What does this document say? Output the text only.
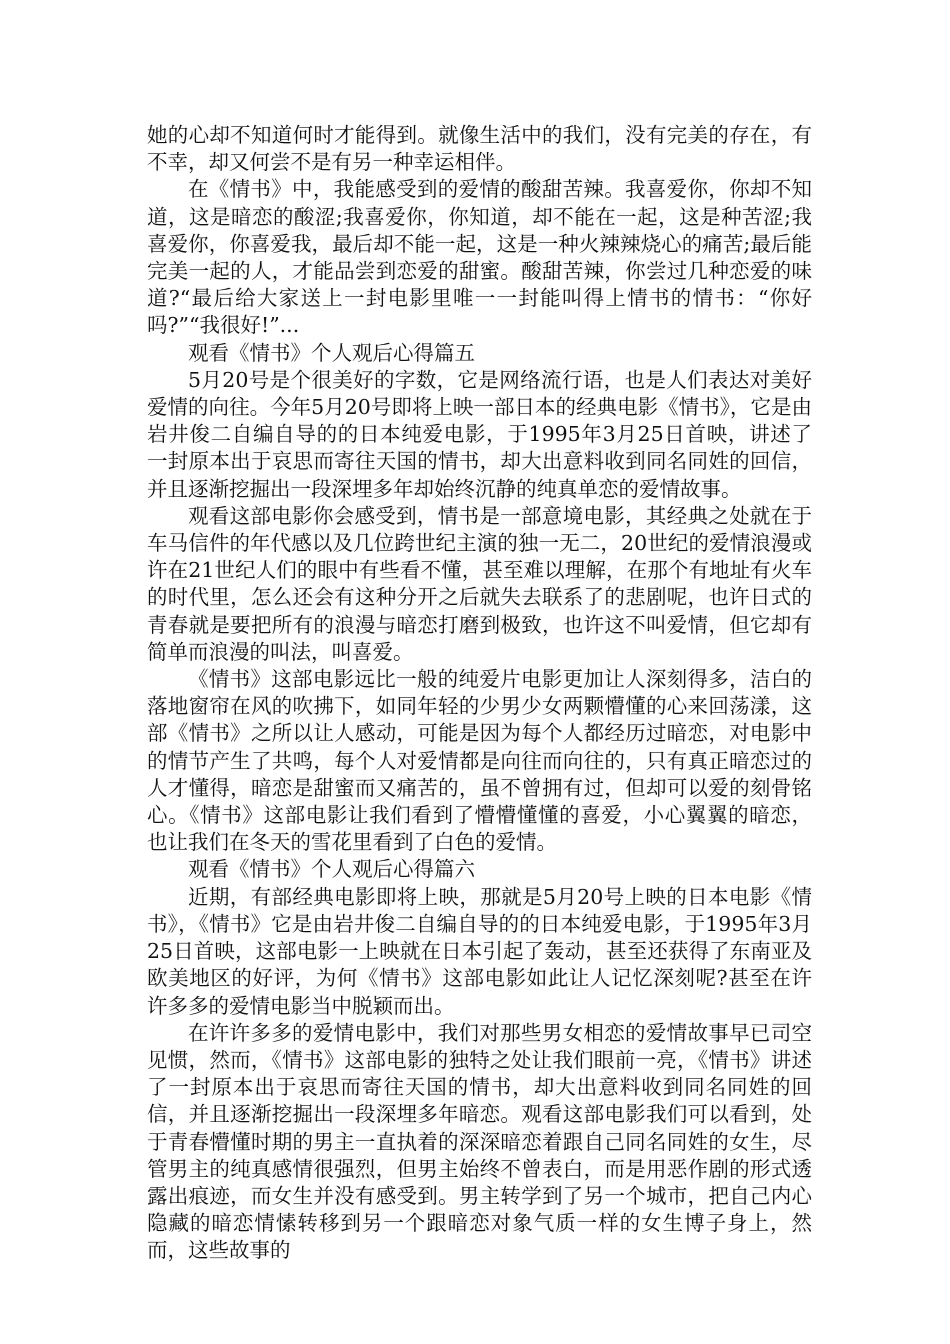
她的心却不知道何时才能得到。就像生活中的我们，没有完美的存在，有不幸，却又何尝不是有另一种幸运相伴。

在《情书》中，我能感受到的爱情的酸甜苦辣。我喜爱你，你却不知道，这是暗恋的酸涩;我喜爱你，你知道，却不能在一起，这是种苦涩;我喜爱你，你喜爱我，最后却不能一起，这是一种火辣辣烧心的痛苦;最后能完美一起的人，才能品尝到恋爱的甜蜜。酸甜苦辣，你尝过几种恋爱的味道?“最后给大家送上一封电影里唯一一封能叫得上情书的情书：“你好吗?”“我很好!”...

观看《情书》个人观后心得篇五

5月20号是个很美好的字数，它是网络流行语，也是人们表达对美好爱情的向往。今年5月20号即将上映一部日本的经典电影《情书》，它是由岩井俊二自编自导的的日本纯爱电影，于1995年3月25日首映，讲述了一封原本出于哀思而寄往天国的情书，却大出意料收到同名同姓的回信，并且逐渐挖掘出一段深埋多年却始终沉静的纯真单恋的爱情故事。

观看这部电影你会感受到，情书是一部意境电影，其经典之处就在于车马信件的年代感以及几位跨世纪主演的独一无二，20世纪的爱情浪漫或许在21世纪人们的眼中有些看不懂，甚至难以理解，在那个有地址有火车的时代里，怎么还会有这种分开之后就失去联系了的悲剧呢，也许日式的青春就是要把所有的浪漫与暗恋打磨到极致，也许这不叫爱情，但它却有简单而浪漫的叫法，叫喜爱。

《情书》这部电影远比一般的纯爱片电影更加让人深刻得多，洁白的落地窗帘在风的吹拂下，如同年轻的少男少女两颗懵懂的心来回荡漾，这部《情书》之所以让人感动，可能是因为每个人都经历过暗恋，对电影中的情节产生了共鸣，每个人对爱情都是向往而向往的，只有真正暗恋过的人才懂得，暗恋是甜蜜而又痛苦的，虽不曾拥有过，但却可以爱的刻骨铭心。《情书》这部电影让我们看到了懵懵懂懂的喜爱，小心翼翼的暗恋，也让我们在冬天的雪花里看到了白色的爱情。

观看《情书》个人观后心得篇六

近期，有部经典电影即将上映，那就是5月20号上映的日本电影《情书》，《情书》它是由岩井俊二自编自导的的日本纯爱电影，于1995年3月25日首映，这部电影一上映就在日本引起了轰动，甚至还获得了东南亚及欧美地区的好评，为何《情书》这部电影如此让人记忆深刻呢?甚至在许许多多的爱情电影当中脱颖而出。

在许许多多的爱情电影中，我们对那些男女相恋的爱情故事早已司空见惯，然而，《情书》这部电影的独特之处让我们眼前一亮，《情书》讲述了一封原本出于哀思而寄往天国的情书，却大出意料收到同名同姓的回信，并且逐渐挖掘出一段深埋多年暗恋。观看这部电影我们可以看到，处于青春懵懂时期的男主一直执着的深深暗恋着跟自己同名同姓的女生，尽管男主的纯真感情很强烈，但男主始终不曾表白，而是用恶作剧的形式透露出痕迹，而女生并没有感受到。男主转学到了另一个城市，把自己内心隐藏的暗恋情愫转移到另一个跟暗恋对象气质一样的女生博子身上，然而，这些故事的
